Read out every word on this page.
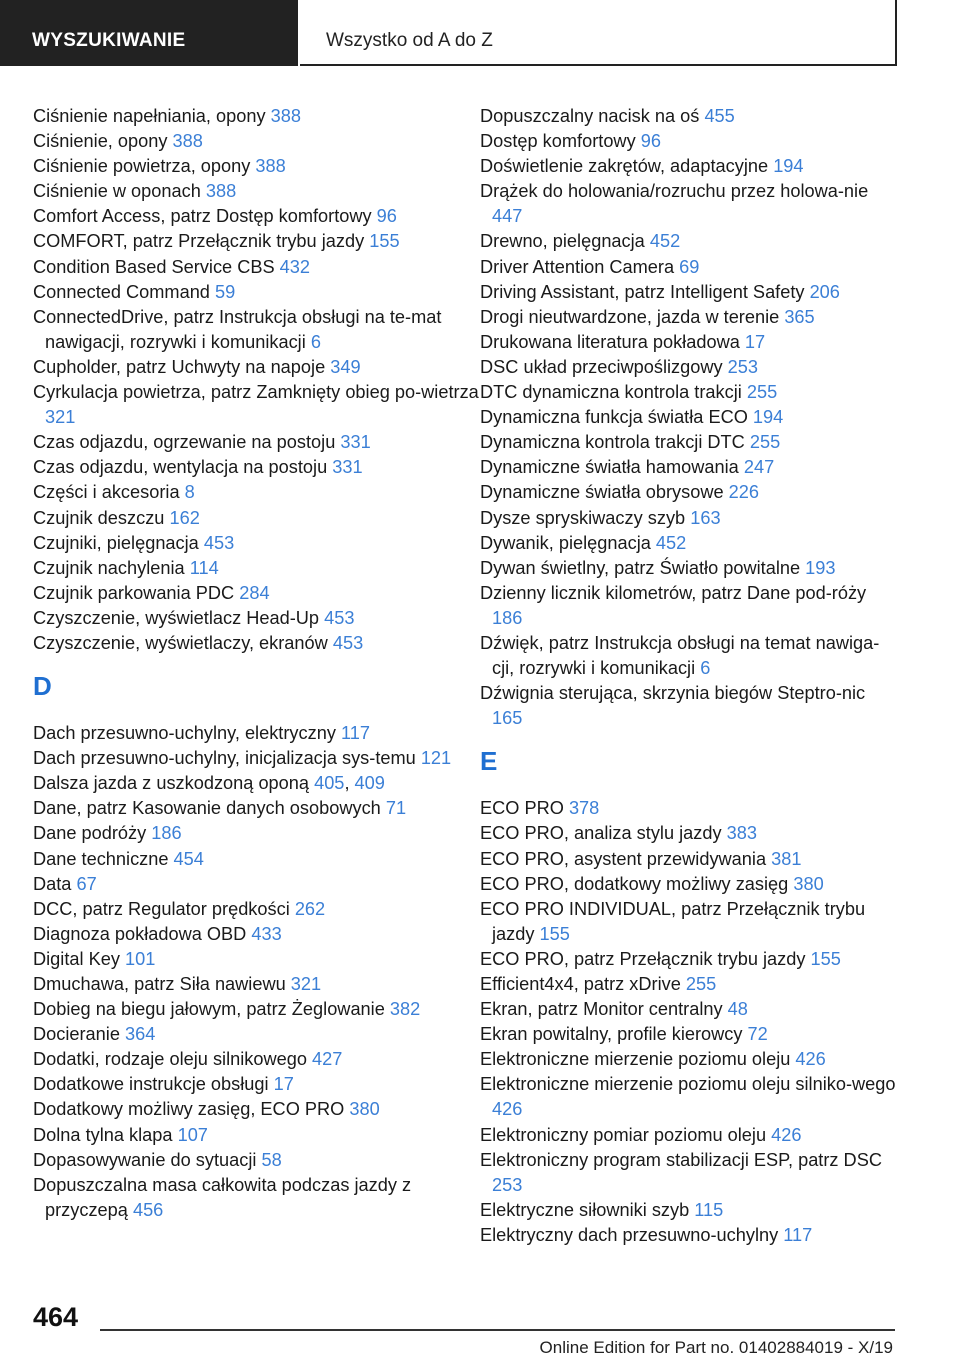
WYSZUKIWANIE	Wszystko od A do Z
Ciśnienie napełniania, opony 388
Ciśnienie, opony 388
Ciśnienie powietrza, opony 388
Ciśnienie w oponach 388
Comfort Access, patrz Dostęp komfortowy 96
COMFORT, patrz Przełącznik trybu jazdy 155
Condition Based Service CBS 432
Connected Command 59
ConnectedDrive, patrz Instrukcja obsługi na te-mat nawigacji, rozrywki i komunikacji 6
Cupholder, patrz Uchwyty na napoje 349
Cyrkulacja powietrza, patrz Zamknięty obieg po-wietrza 321
Czas odjazdu, ogrzewanie na postoju 331
Czas odjazdu, wentylacja na postoju 331
Części i akcesoria 8
Czujnik deszczu 162
Czujniki, pielęgnacja 453
Czujnik nachylenia 114
Czujnik parkowania PDC 284
Czyszczenie, wyświetlacz Head-Up 453
Czyszczenie, wyświetlaczy, ekranów 453
D
Dach przesuwno-uchylny, elektryczny 117
Dach przesuwno-uchylny, inicjalizacja sys-temu 121
Dalsza jazda z uszkodzoną oponą 405, 409
Dane, patrz Kasowanie danych osobowych 71
Dane podróży 186
Dane techniczne 454
Data 67
DCC, patrz Regulator prędkości 262
Diagnoza pokładowa OBD 433
Digital Key 101
Dmuchawa, patrz Siła nawiewu 321
Dobieg na biegu jałowym, patrz Żeglowanie 382
Docieranie 364
Dodatki, rodzaje oleju silnikowego 427
Dodatkowe instrukcje obsługi 17
Dodatkowy możliwy zasięg, ECO PRO 380
Dolna tylna klapa 107
Dopasowywanie do sytuacji 58
Dopuszczalna masa całkowita podczas jazdy z przyczepą 456
Dopuszczalny nacisk na oś 455
Dostęp komfortowy 96
Doświetlenie zakrętów, adaptacyjne 194
Drążek do holowania/rozruchu przez holowa-nie 447
Drewno, pielęgnacja 452
Driver Attention Camera 69
Driving Assistant, patrz Intelligent Safety 206
Drogi nieutwardzone, jazda w terenie 365
Drukowana literatura pokładowa 17
DSC układ przeciwpoślizgowy 253
DTC dynamiczna kontrola trakcji 255
Dynamiczna funkcja światła ECO 194
Dynamiczna kontrola trakcji DTC 255
Dynamiczne światła hamowania 247
Dynamiczne światła obrysowe 226
Dysze spryskiwaczy szyb 163
Dywanik, pielęgnacja 452
Dywan świetlny, patrz Światło powitalne 193
Dzienny licznik kilometrów, patrz Dane pod-róży 186
Dźwięk, patrz Instrukcja obsługi na temat nawiga-cji, rozrywki i komunikacji 6
Dźwignia sterująca, skrzynia biegów Steptro-nic 165
E
ECO PRO 378
ECO PRO, analiza stylu jazdy 383
ECO PRO, asystent przewidywania 381
ECO PRO, dodatkowy możliwy zasięg 380
ECO PRO INDIVIDUAL, patrz Przełącznik trybu jazdy 155
ECO PRO, patrz Przełącznik trybu jazdy 155
Efficient4x4, patrz xDrive 255
Ekran, patrz Monitor centralny 48
Ekran powitalny, profile kierowcy 72
Elektroniczne mierzenie poziomu oleju 426
Elektroniczne mierzenie poziomu oleju silniko-wego 426
Elektroniczny pomiar poziomu oleju 426
Elektroniczny program stabilizacji ESP, patrz DSC 253
Elektryczne siłowniki szyb 115
Elektryczny dach przesuwno-uchylny 117
464
Online Edition for Part no. 01402884019 - X/19
